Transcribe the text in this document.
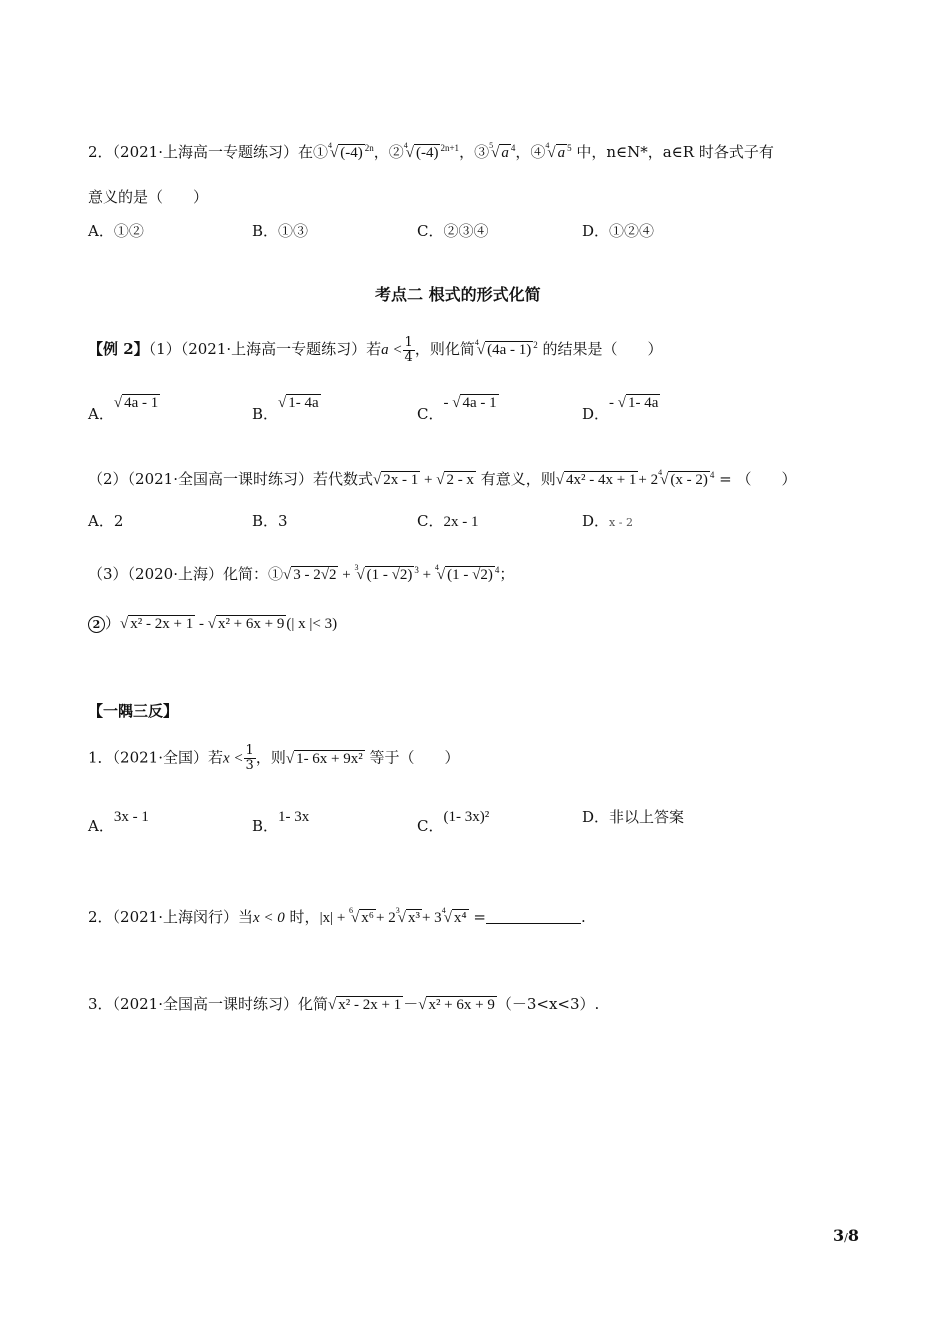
2．（2021·上海高一专题练习）在①$^4$√ (-4) $^{2n}$，②$^4$√ (-4) $^{2n+1}$，③$^5$√ a $^4$，④$^4$√ a $^5$ 中，n∈N*，a∈R 时各式子有
意义的是（　　）
A．①②	B．①③	C．②③④	D．①②④
考点二 根式的形式化简
【例 2】（1）（2021·上海高一专题练习）若$a < \frac{1}{4}$ ，则化简$^4$√ (4a - 1) $^2$ 的结果是（　　）
A．√ 4a - 1
B．√ 1- 4a
C．- √ 4a - 1
D．- √ 1- 4a
（2）（2021·全国高一课时练习）若代数式√ 2x - 1 + √ 2 - x 有意义，则√ $4x^2 - 4x + 1 + 2^4√$ (x - 2) $^4$ = （　　）
A．2	B．3	C．2x - 1	D．x - 2
（3）（2020·上海）化简：①√ 3 - 2√2 + $^3$√ (1 - √2) $^3$ + $^4$√ (1 - √2) $^4$；
2 ）√ x² - 2x + 1 - √ x² + 6x + 9 (| x |< 3)
【一隅三反】
1．（2021·全国）若$x < \frac{1}{3}$ ，则√ 1- 6x + 9x² 等于（　　）
A．3x - 1	B．1- 3x	C．(1- 3x)²	D．非以上答案
2．（2021·上海闵行）当x < 0 时，|x| + $^6$√ $x^6 + 2^3√$ $x^3 + 3^4√$ x⁴ =	.
3．（2021·全国高一课时练习）化简√ x² - 2x + 1 －√ x² + 6x + 9 （－3<x<3）.
3/8
